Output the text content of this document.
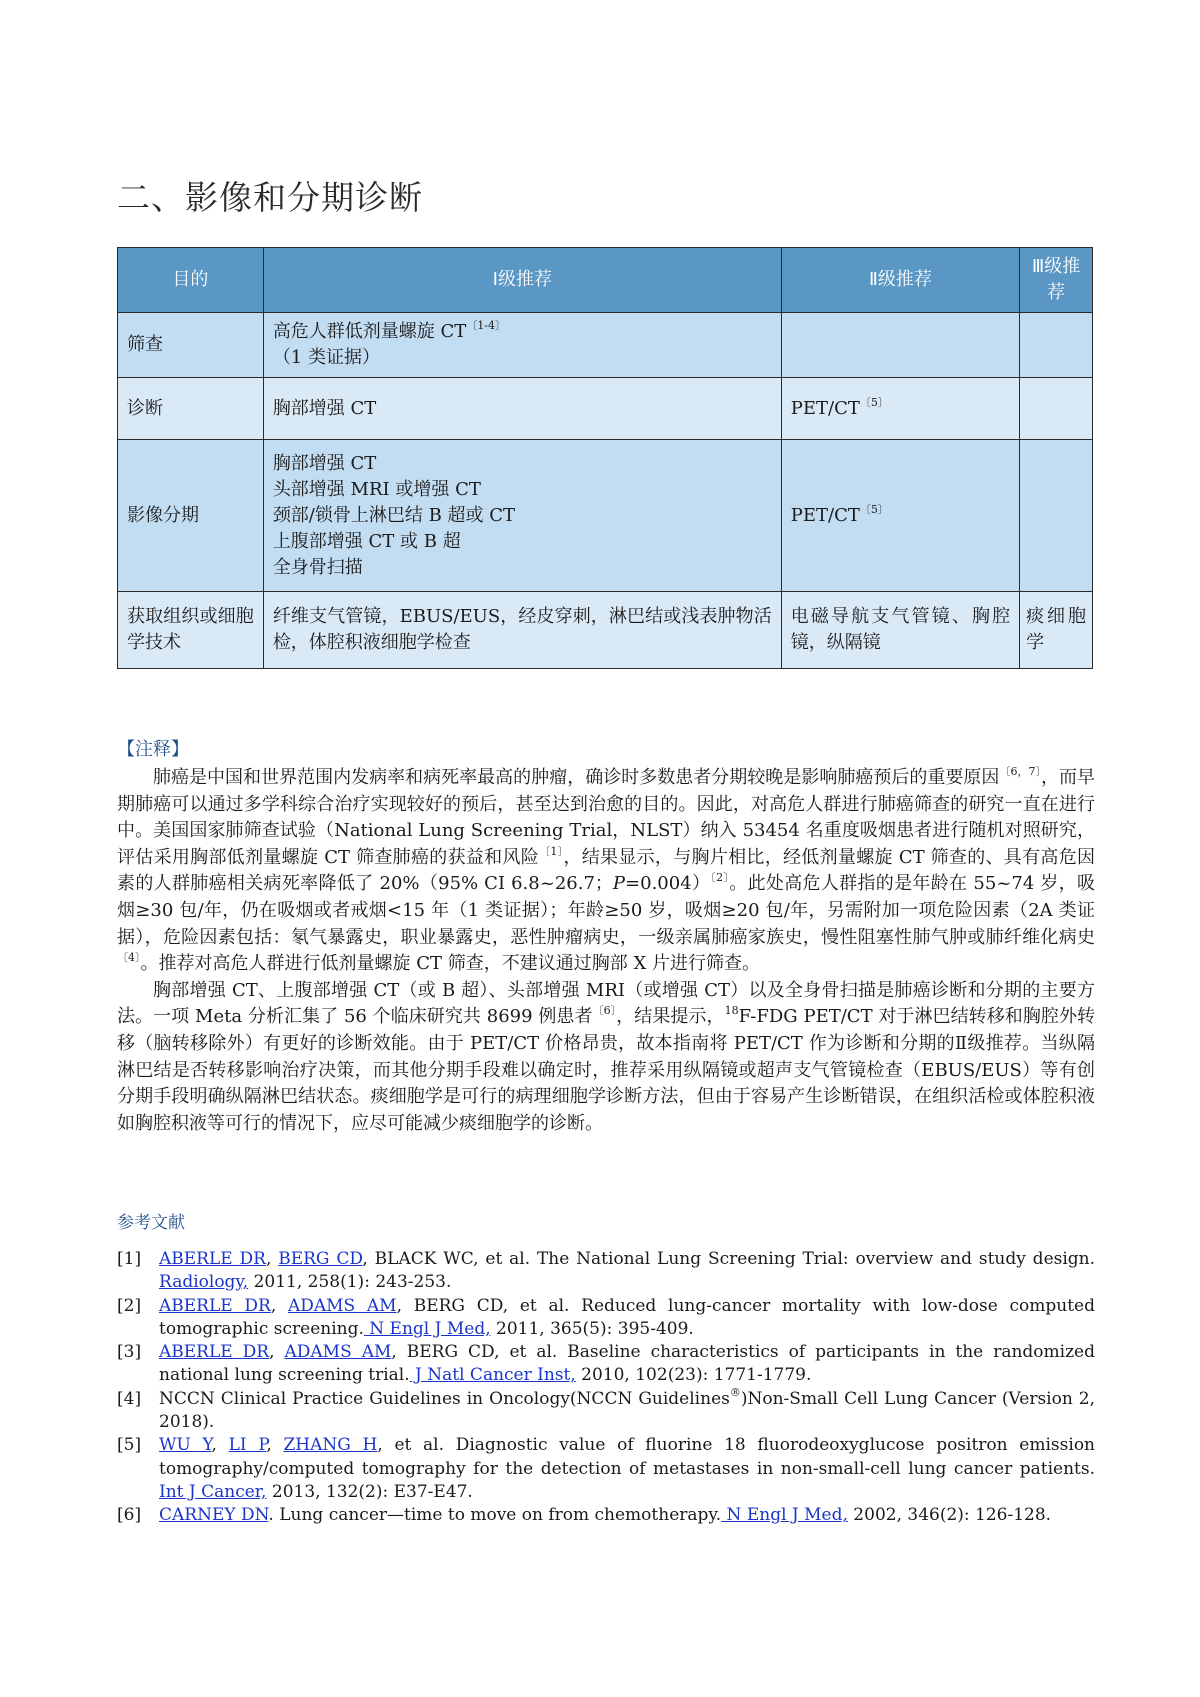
二、影像和分期诊断
目的	Ⅰ级推荐	Ⅱ级推荐	Ⅲ级推荐
筛查	高危人群低剂量螺旋 $CT^{〔1-4〕}$
（1 类证据）		

诊断	胸部增强 CT	PET/$CT^{〔5〕}$	
影像分期	胸部增强 CT
头部增强 MRI 或增强 CT
颈部/锁骨上淋巴结 B 超或 CT
上腹部增强 CT 或 B 超
全身骨扫描	PET/$CT^{〔5〕}$	
获取组织或细胞学技术	纤维支气管镜，EBUS/EUS，经皮穿刺，淋巴结或浅表肿物活检，体腔积液细胞学检查	电磁导航支气管镜、胸腔镜，纵隔镜	痰细胞学
【注释】

肺癌是中国和世界范围内发病率和病死率最高的肿瘤，确诊时多数患者分期较晚是影响肺癌预后的重要原因$^{〔6,7〕}$，而早期肺癌可以通过多学科综合治疗实现较好的预后，甚至达到治愈的目的。因此，对高危人群进行肺癌筛查的研究一直在进行中。美国国家肺筛查试验（National Lung Screening Trial，NLST）纳入 53454 名重度吸烟患者进行随机对照研究，评估采用胸部低剂量螺旋 CT 筛查肺癌的获益和风险$^{〔1〕}$，结果显示，与胸片相比，经低剂量螺旋 CT 筛查的、具有高危因素的人群肺癌相关病死率降低了 20%（95% CI 6.8~26.7；P=0.004）$^{〔2〕}$。此处高危人群指的是年龄在 55~74 岁，吸烟≥30 包/年，仍在吸烟或者戒烟<15 年（1 类证据）；年龄≥50 岁，吸烟≥20 包/年，另需附加一项危险因素（2A 类证据），危险因素包括：氡气暴露史，职业暴露史，恶性肿瘤病史，一级亲属肺癌家族史，慢性阻塞性肺气肿或肺纤维化病史$^{〔4〕}$。推荐对高危人群进行低剂量螺旋 CT 筛查，不建议通过胸部 X 片进行筛查。

胸部增强 CT、上腹部增强 CT（或 B 超）、头部增强 MRI（或增强 CT）以及全身骨扫描是肺癌诊断和分期的主要方法。一项 Meta 分析汇集了 56 个临床研究共 8699 例患者$^{〔6〕}$，结果提示，$^{18}$F-FDG PET/CT 对于淋巴结转移和胸腔外转移（脑转移除外）有更好的诊断效能。由于 PET/CT 价格昂贵，故本指南将 PET/CT 作为诊断和分期的Ⅱ级推荐。当纵隔淋巴结是否转移影响治疗决策，而其他分期手段难以确定时，推荐采用纵隔镜或超声支气管镜检查（EBUS/EUS）等有创分期手段明确纵隔淋巴结状态。痰细胞学是可行的病理细胞学诊断方法，但由于容易产生诊断错误，在组织活检或体腔积液如胸腔积液等可行的情况下，应尽可能减少痰细胞学的诊断。

参考文献

[1] ABERLE DR, BERG CD, BLACK WC, et al. The National Lung Screening Trial: overview and study design. Radiology, 2011, 258(1): 243-253.

[2] ABERLE DR, ADAMS AM, BERG CD, et al. Reduced lung-cancer mortality with low-dose computed tomographic screening. N Engl J Med, 2011, 365(5): 395-409.

[3] ABERLE DR, ADAMS AM, BERG CD, et al. Baseline characteristics of participants in the randomized national lung screening trial. J Natl Cancer Inst, 2010, 102(23): 1771-1779.

[4] NCCN Clinical Practice Guidelines in Oncology(NCCN Guidelines®)Non-Small Cell Lung Cancer (Version 2, 2018).

[5] WU Y, LI P, ZHANG H, et al. Diagnostic value of fluorine 18 fluorodeoxyglucose positron emission tomography/computed tomography for the detection of metastases in non-small-cell lung cancer patients. Int J Cancer, 2013, 132(2): E37-E47.

[6] CARNEY DN. Lung cancer—time to move on from chemotherapy. N Engl J Med, 2002, 346(2): 126-128.
